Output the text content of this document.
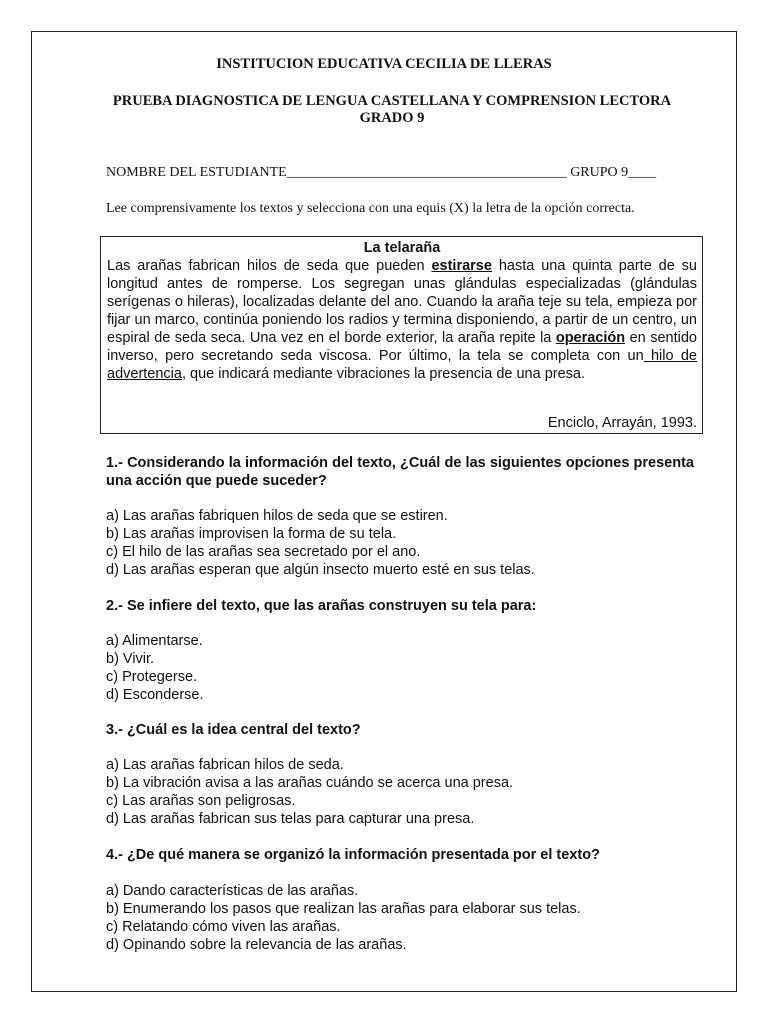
INSTITUCION EDUCATIVA CECILIA DE LLERAS
PRUEBA DIAGNOSTICA DE LENGUA CASTELLANA Y COMPRENSION LECTORA
GRADO 9
NOMBRE DEL ESTUDIANTE________________________________________ GRUPO 9____
Lee comprensivamente los textos y selecciona con una equis (X) la letra de la opción correcta.
La telaraña
Las arañas fabrican hilos de seda que pueden estirarse hasta una quinta parte de su longitud antes de romperse. Los segregan unas glándulas especializadas (glándulas serígenas o hileras), localizadas delante del ano. Cuando la araña teje su tela, empieza por fijar un marco, continúa poniendo los radios y termina disponiendo, a partir de un centro, un espiral de seda seca. Una vez en el borde exterior, la araña repite la operación en sentido inverso, pero secretando seda viscosa. Por último, la tela se completa con un hilo de advertencia, que indicará mediante vibraciones la presencia de una presa.
Enciclo, Arrayán, 1993.
1.- Considerando la información del texto, ¿Cuál de las siguientes opciones presenta una acción que puede suceder?
a) Las arañas fabriquen hilos de seda que se estiren.
b) Las arañas improvisen la forma de su tela.
c) El hilo de las arañas sea secretado por el ano.
d) Las arañas esperan que algún insecto muerto esté en sus telas.
2.- Se infiere del texto, que las arañas construyen su tela para:
a) Alimentarse.
b) Vivir.
c) Protegerse.
d) Esconderse.
3.- ¿Cuál es la idea central del texto?
a) Las arañas fabrican hilos de seda.
b) La vibración avisa a las arañas cuándo se acerca una presa.
c) Las arañas son peligrosas.
d) Las arañas fabrican sus telas para capturar una presa.
4.- ¿De qué manera se organizó la información presentada por el texto?
a) Dando características de las arañas.
b) Enumerando los pasos que realizan las arañas para elaborar sus telas.
c) Relatando cómo viven las arañas.
d) Opinando sobre la relevancia de las arañas.
